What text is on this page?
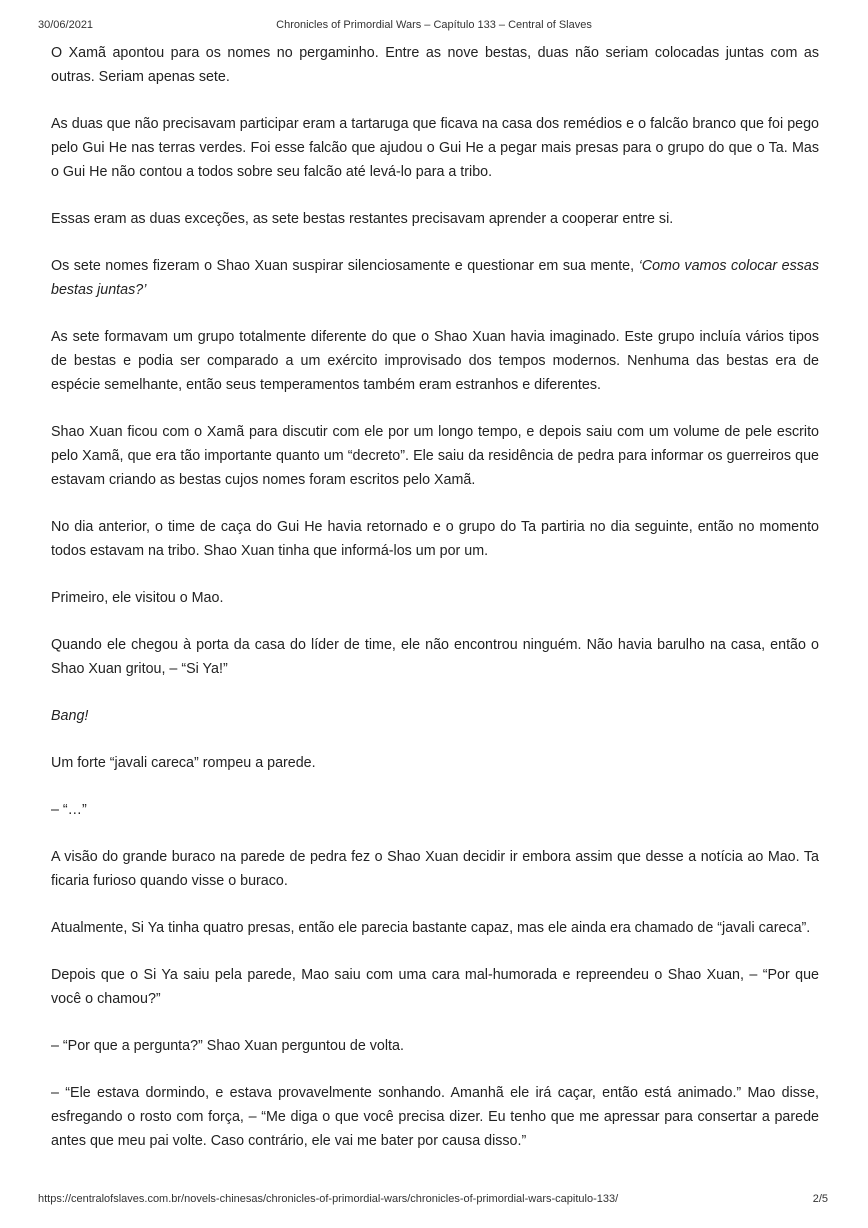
30/06/2021	Chronicles of Primordial Wars – Capítulo 133 – Central of Slaves

O Xamã apontou para os nomes no pergaminho. Entre as nove bestas, duas não seriam colocadas juntas com as outras. Seriam apenas sete.

As duas que não precisavam participar eram a tartaruga que ficava na casa dos remédios e o falcão branco que foi pego pelo Gui He nas terras verdes. Foi esse falcão que ajudou o Gui He a pegar mais presas para o grupo do que o Ta. Mas o Gui He não contou a todos sobre seu falcão até levá-lo para a tribo.

Essas eram as duas exceções, as sete bestas restantes precisavam aprender a cooperar entre si.

Os sete nomes fizeram o Shao Xuan suspirar silenciosamente e questionar em sua mente, ‘Como vamos colocar essas bestas juntas?’

As sete formavam um grupo totalmente diferente do que o Shao Xuan havia imaginado. Este grupo incluía vários tipos de bestas e podia ser comparado a um exército improvisado dos tempos modernos. Nenhuma das bestas era de espécie semelhante, então seus temperamentos também eram estranhos e diferentes.

Shao Xuan ficou com o Xamã para discutir com ele por um longo tempo, e depois saiu com um volume de pele escrito pelo Xamã, que era tão importante quanto um “decreto”. Ele saiu da residência de pedra para informar os guerreiros que estavam criando as bestas cujos nomes foram escritos pelo Xamã.

No dia anterior, o time de caça do Gui He havia retornado e o grupo do Ta partiria no dia seguinte, então no momento todos estavam na tribo. Shao Xuan tinha que informá-los um por um.

Primeiro, ele visitou o Mao.

Quando ele chegou à porta da casa do líder de time, ele não encontrou ninguém. Não havia barulho na casa, então o Shao Xuan gritou, – “Si Ya!”

Bang!

Um forte “javali careca” rompeu a parede.

– “…”

A visão do grande buraco na parede de pedra fez o Shao Xuan decidir ir embora assim que desse a notícia ao Mao. Ta ficaria furioso quando visse o buraco.

Atualmente, Si Ya tinha quatro presas, então ele parecia bastante capaz, mas ele ainda era chamado de “javali careca”.

Depois que o Si Ya saiu pela parede, Mao saiu com uma cara mal-humorada e repreendeu o Shao Xuan, – “Por que você o chamou?”

– “Por que a pergunta?” Shao Xuan perguntou de volta.

– “Ele estava dormindo, e estava provavelmente sonhando. Amanhã ele irá caçar, então está animado.” Mao disse, esfregando o rosto com força, – “Me diga o que você precisa dizer. Eu tenho que me apressar para consertar a parede antes que meu pai volte. Caso contrário, ele vai me bater por causa disso.”

https://centralofslaves.com.br/novels-chinesas/chronicles-of-primordial-wars/chronicles-of-primordial-wars-capitulo-133/	2/5
